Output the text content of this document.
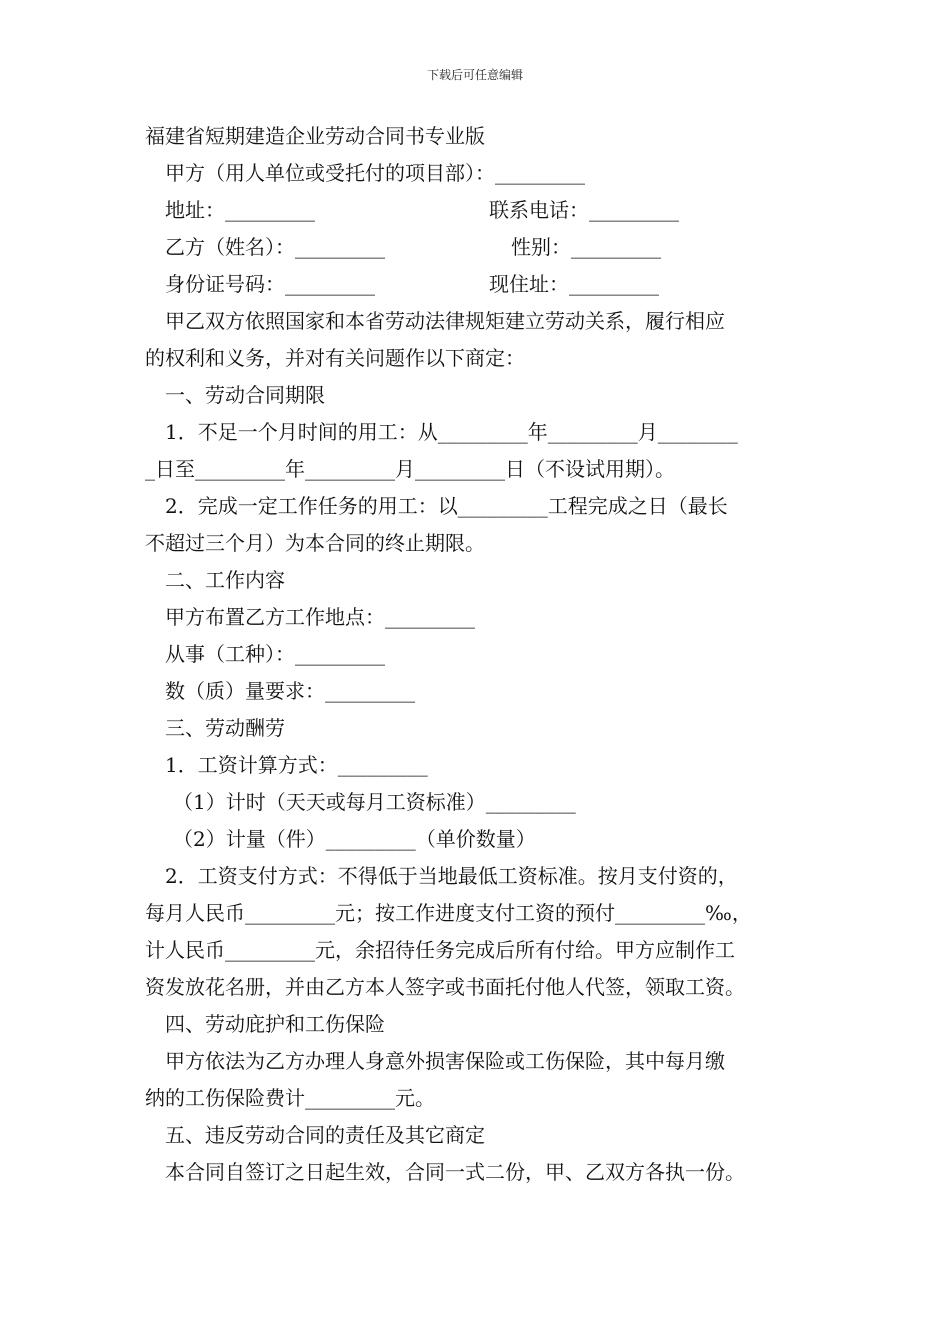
下载后可任意编辑
福建省短期建造企业劳动合同书专业版
甲方（用人单位或受托付的项目部）：_________
地址：_________	联系电话：_________
乙方（姓名）：_________	性别：_________
身份证号码：_________	现住址：_________
甲乙双方依照国家和本省劳动法律规矩建立劳动关系，履行相应
的权利和义务，并对有关问题作以下商定：
一、劳动合同期限
1．不足一个月时间的用工：从_________年_________月________
_日至_________年_________月_________日（不设试用期）。
2．完成一定工作任务的用工：以_________工程完成之日（最长
不超过三个月）为本合同的终止期限。
二、工作内容
甲方布置乙方工作地点：_________
从事（工种）：_________
数（质）量要求：_________
三、劳动酬劳
1．工资计算方式：_________
（1）计时（天天或每月工资标准）_________
（2）计量（件）_________（单价数量）
2．工资支付方式：不得低于当地最低工资标准。按月支付资的，
每月人民币_________元；按工作进度支付工资的预付_________‰，
计人民币_________元，余招待任务完成后所有付给。甲方应制作工
资发放花名册，并由乙方本人签字或书面托付他人代签，领取工资。
四、劳动庇护和工伤保险
甲方依法为乙方办理人身意外损害保险或工伤保险，其中每月缴
纳的工伤保险费计_________元。
五、违反劳动合同的责任及其它商定
本合同自签订之日起生效，合同一式二份，甲、乙双方各执一份。
